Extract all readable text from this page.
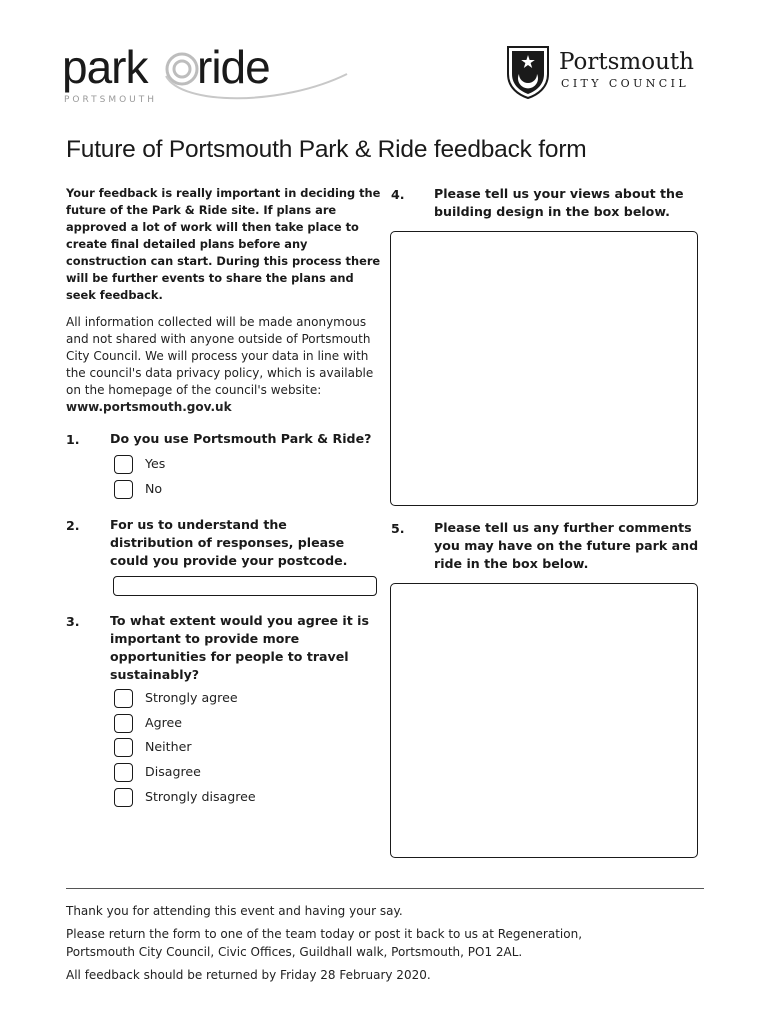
park ride
PORTSMOUTH
Portsmouth
CITY COUNCIL
Future of Portsmouth Park & Ride feedback form
Your feedback is really important in deciding the future of the Park & Ride site. If plans are approved a lot of work will then take place to create final detailed plans before any construction can start. During this process there will be further events to share the plans and seek feedback.
All information collected will be made anonymous and not shared with anyone outside of Portsmouth City Council. We will process your data in line with the council's data privacy policy, which is available on the homepage of the council's website: www.portsmouth.gov.uk
1. Do you use Portsmouth Park & Ride?
Yes
No
2. For us to understand the distribution of responses, please could you provide your postcode.
3. To what extent would you agree it is important to provide more opportunities for people to travel sustainably?
Strongly agree
Agree
Neither
Disagree
Strongly disagree
4. Please tell us your views about the building design in the box below.
5. Please tell us any further comments you may have on the future park and ride in the box below.
Thank you for attending this event and having your say.
Please return the form to one of the team today or post it back to us at Regeneration,
Portsmouth City Council, Civic Offices, Guildhall walk, Portsmouth, PO1 2AL.
All feedback should be returned by Friday 28 February 2020.
